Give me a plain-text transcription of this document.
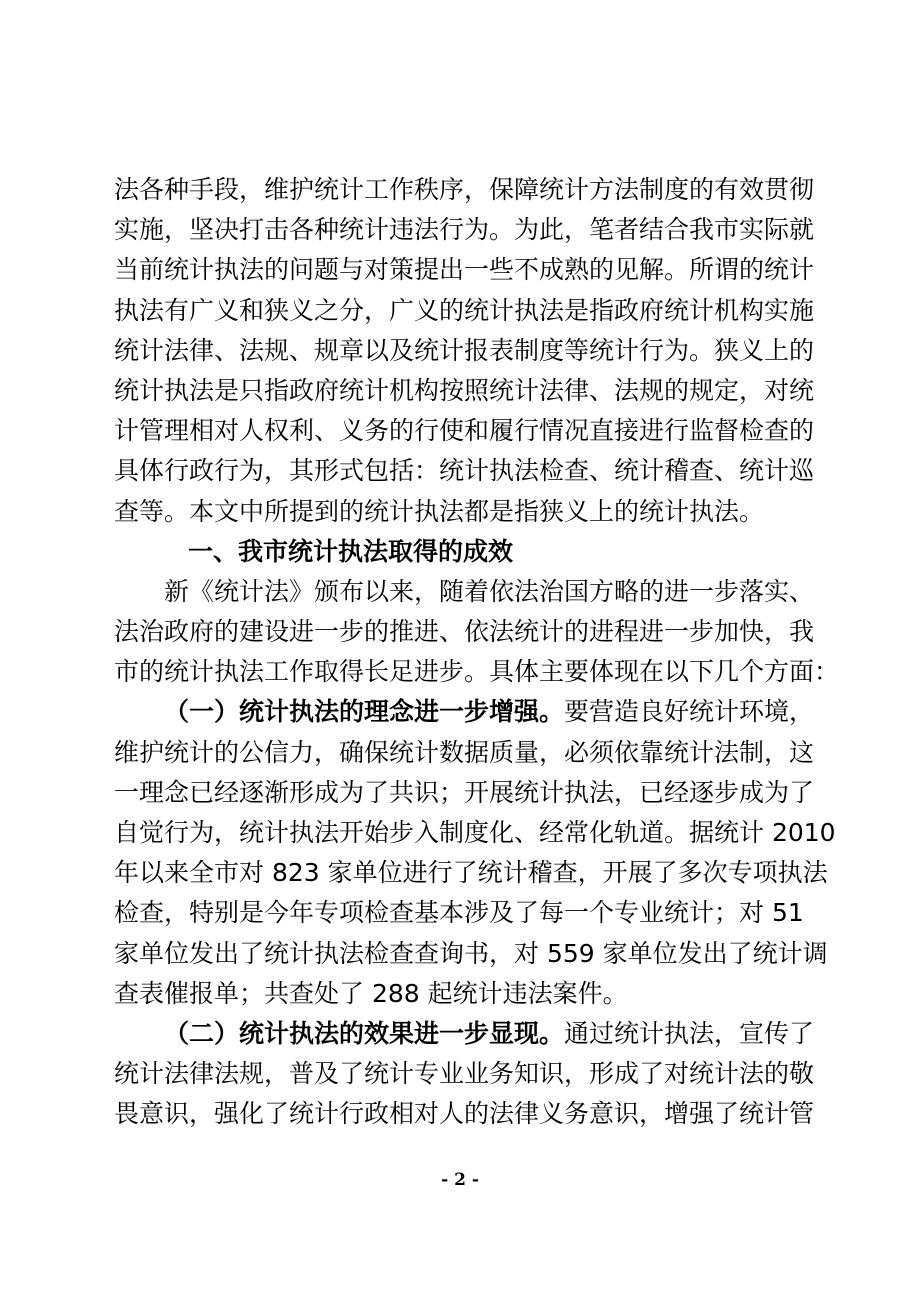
法各种手段，维护统计工作秩序，保障统计方法制度的有效贯彻
实施，坚决打击各种统计违法行为。为此，笔者结合我市实际就
当前统计执法的问题与对策提出一些不成熟的见解。所谓的统计
执法有广义和狭义之分，广义的统计执法是指政府统计机构实施
统计法律、法规、规章以及统计报表制度等统计行为。狭义上的
统计执法是只指政府统计机构按照统计法律、法规的规定，对统
计管理相对人权利、义务的行使和履行情况直接进行监督检查的
具体行政行为，其形式包括：统计执法检查、统计稽查、统计巡
查等。本文中所提到的统计执法都是指狭义上的统计执法。
一、我市统计执法取得的成效
新《统计法》颁布以来，随着依法治国方略的进一步落实、
法治政府的建设进一步的推进、依法统计的进程进一步加快，我
市的统计执法工作取得长足进步。具体主要体现在以下几个方面：
（一）统计执法的理念进一步增强。要营造良好统计环境，
维护统计的公信力，确保统计数据质量，必须依靠统计法制，这
一理念已经逐渐形成为了共识；开展统计执法，已经逐步成为了
自觉行为，统计执法开始步入制度化、经常化轨道。据统计 2010
年以来全市对 823 家单位进行了统计稽查，开展了多次专项执法
检查，特别是今年专项检查基本涉及了每一个专业统计；对 51
家单位发出了统计执法检查查询书，对 559 家单位发出了统计调
查表催报单；共查处了 288 起统计违法案件。
（二）统计执法的效果进一步显现。通过统计执法，宣传了
统计法律法规，普及了统计专业业务知识，形成了对统计法的敬
畏意识，强化了统计行政相对人的法律义务意识，增强了统计管
- 2 -
